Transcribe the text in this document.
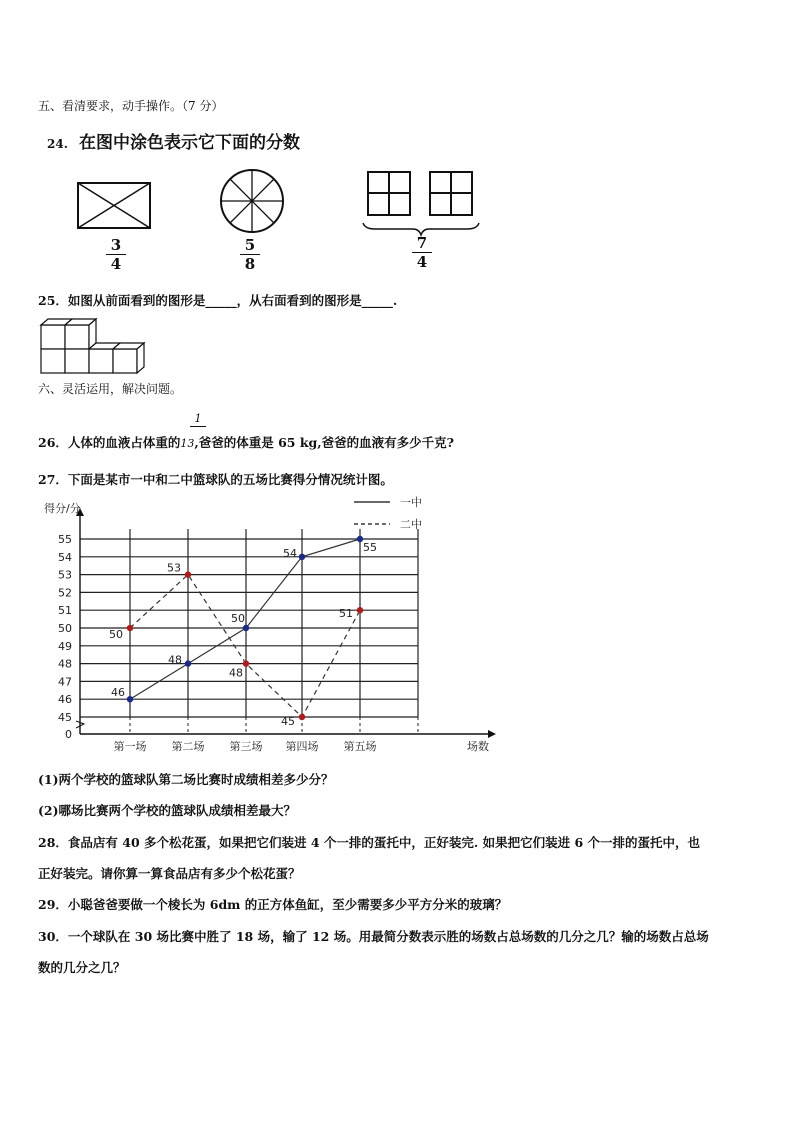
五、看清要求，动手操作。（7 分）
24. 在图中涂色表示它下面的分数
3
4
5
8
7
4
25．如图从前面看到的图形是_____，从右面看到的图形是_____.
六、灵活运用，解决问题。
1
26．人体的血液占体重的13,爸爸的体重是 65 kg,爸爸的血液有多少千克?
27．下面是某市一中和二中篮球队的五场比赛得分情况统计图。
0
45
46
47
48
49
50
51
52
53
54
55
得分/分
第一场 第二场 第三场 第四场 第五场	场数
一中
二中
46
48
50
54	55
50
53
48
45
51
(1)两个学校的篮球队第二场比赛时成绩相差多少分？
(2)哪场比赛两个学校的篮球队成绩相差最大？
28．食品店有 40 多个松花蛋，如果把它们装进 4 个一排的蛋托中，正好装完. 如果把它们装进 6 个一排的蛋托中，也
正好装完。请你算一算食品店有多少个松花蛋？
29．小聪爸爸要做一个棱长为 6dm 的正方体鱼缸，至少需要多少平方分米的玻璃？
30．一个球队在 30 场比赛中胜了 18 场，输了 12 场。用最简分数表示胜的场数占总场数的几分之几？输的场数占总场
数的几分之几？
